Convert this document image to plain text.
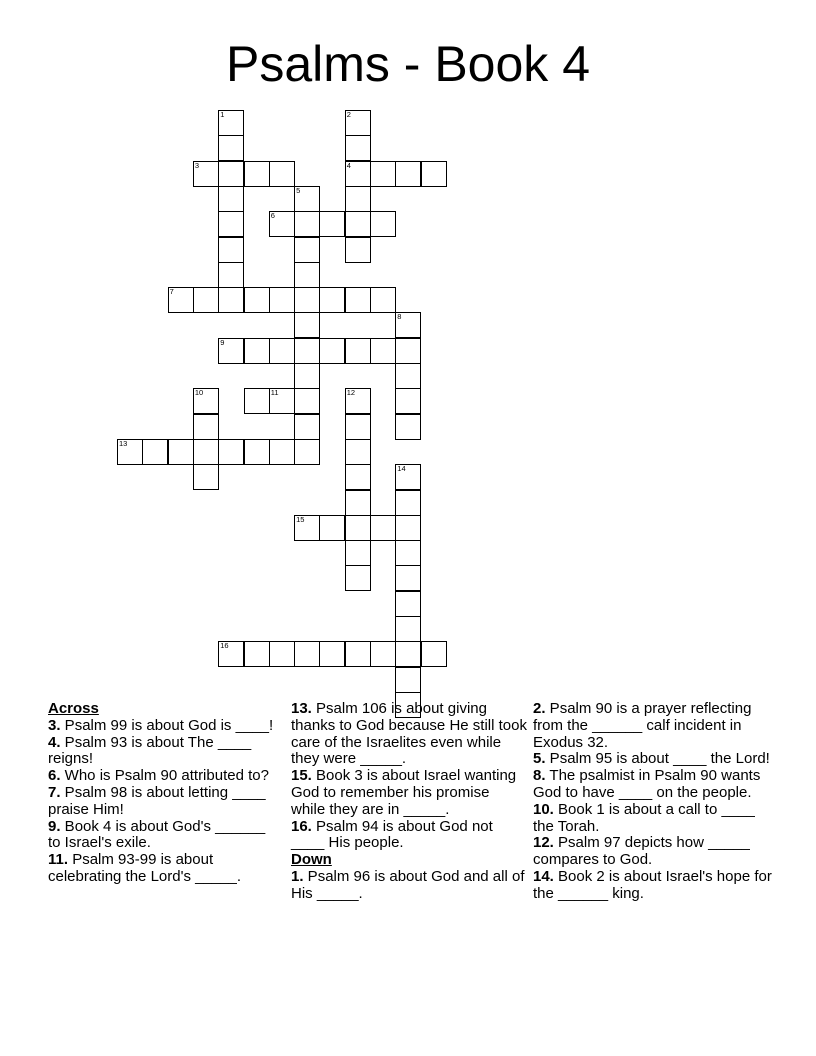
Psalms - Book 4
1	2
3	4
5
6
7
8
9
10	11	12
13
14
15
16
Across
3. Psalm 99 is about God is ____!
4. Psalm 93 is about The ____ reigns!
6. Who is Psalm 90 attributed to?
7. Psalm 98 is about letting ____ praise Him!
9. Book 4 is about God's ______ to Israel's exile.
11. Psalm 93-99 is about celebrating the Lord's _____.
13. Psalm 106 is about giving thanks to God because He still took care of the Israelites even while they were _____.
15. Book 3 is about Israel wanting God to remember his promise while they are in _____.
16. Psalm 94 is about God not ____ His people.
Down
1. Psalm 96 is about God and all of His _____.
2. Psalm 90 is a prayer reflecting from the ______ calf incident in Exodus 32.
5. Psalm 95 is about ____ the Lord!
8. The psalmist in Psalm 90 wants God to have ____ on the people.
10. Book 1 is about a call to ____ the Torah.
12. Psalm 97 depicts how _____ compares to God.
14. Book 2 is about Israel's hope for the ______ king.
